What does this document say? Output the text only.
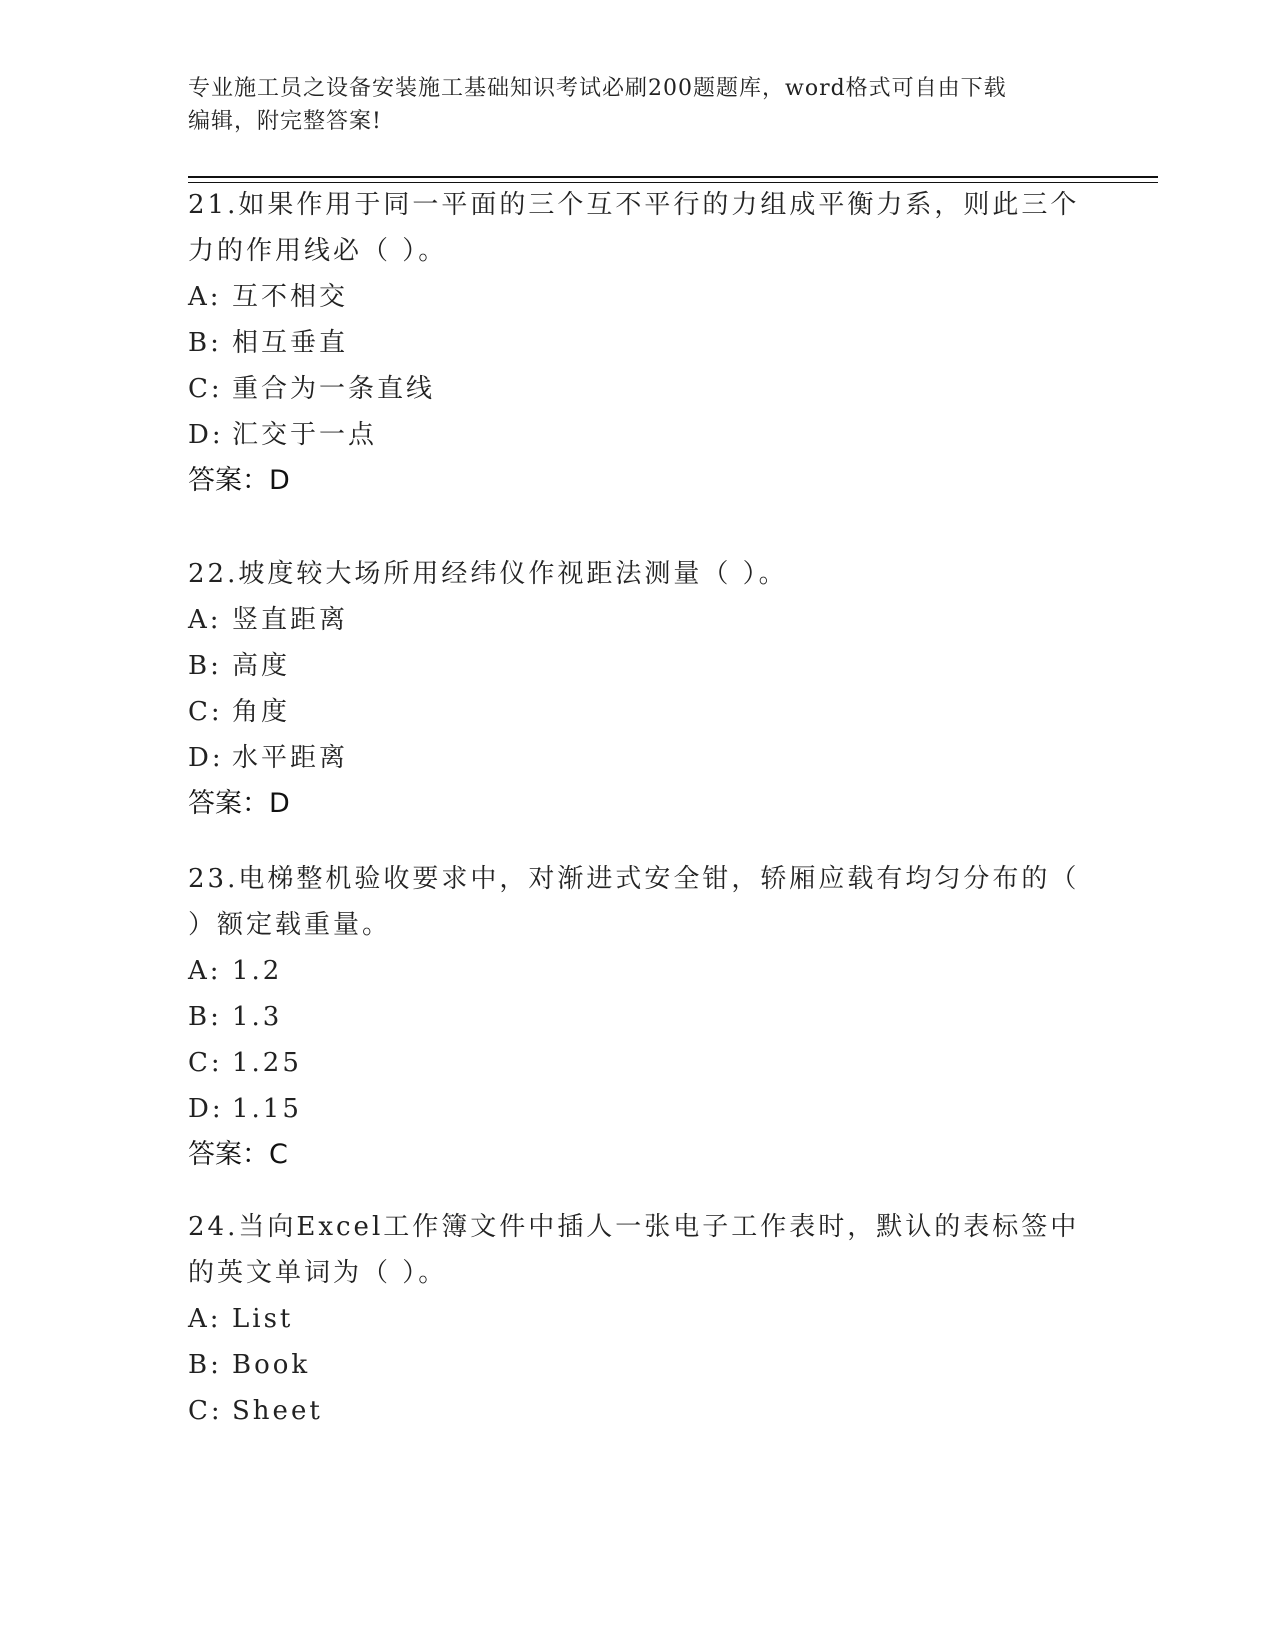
专业施工员之设备安装施工基础知识考试必刷200题题库，word格式可自由下载
编辑，附完整答案!
21.如果作用于同一平面的三个互不平行的力组成平衡力系，则此三个
力的作用线必（ ）。
A: 互不相交
B: 相互垂直
C: 重合为一条直线
D: 汇交于一点
答案：D
22.坡度较大场所用经纬仪作视距法测量（ ）。
A: 竖直距离
B: 高度
C: 角度
D: 水平距离
答案：D
23.电梯整机验收要求中，对渐进式安全钳，轿厢应载有均匀分布的（
）额定载重量。
A: 1.2
B: 1.3
C: 1.25
D: 1.15
答案：C
24.当向Excel工作簿文件中插人一张电子工作表时，默认的表标签中
的英文单词为（ ）。
A: List
B: Book
C: Sheet
